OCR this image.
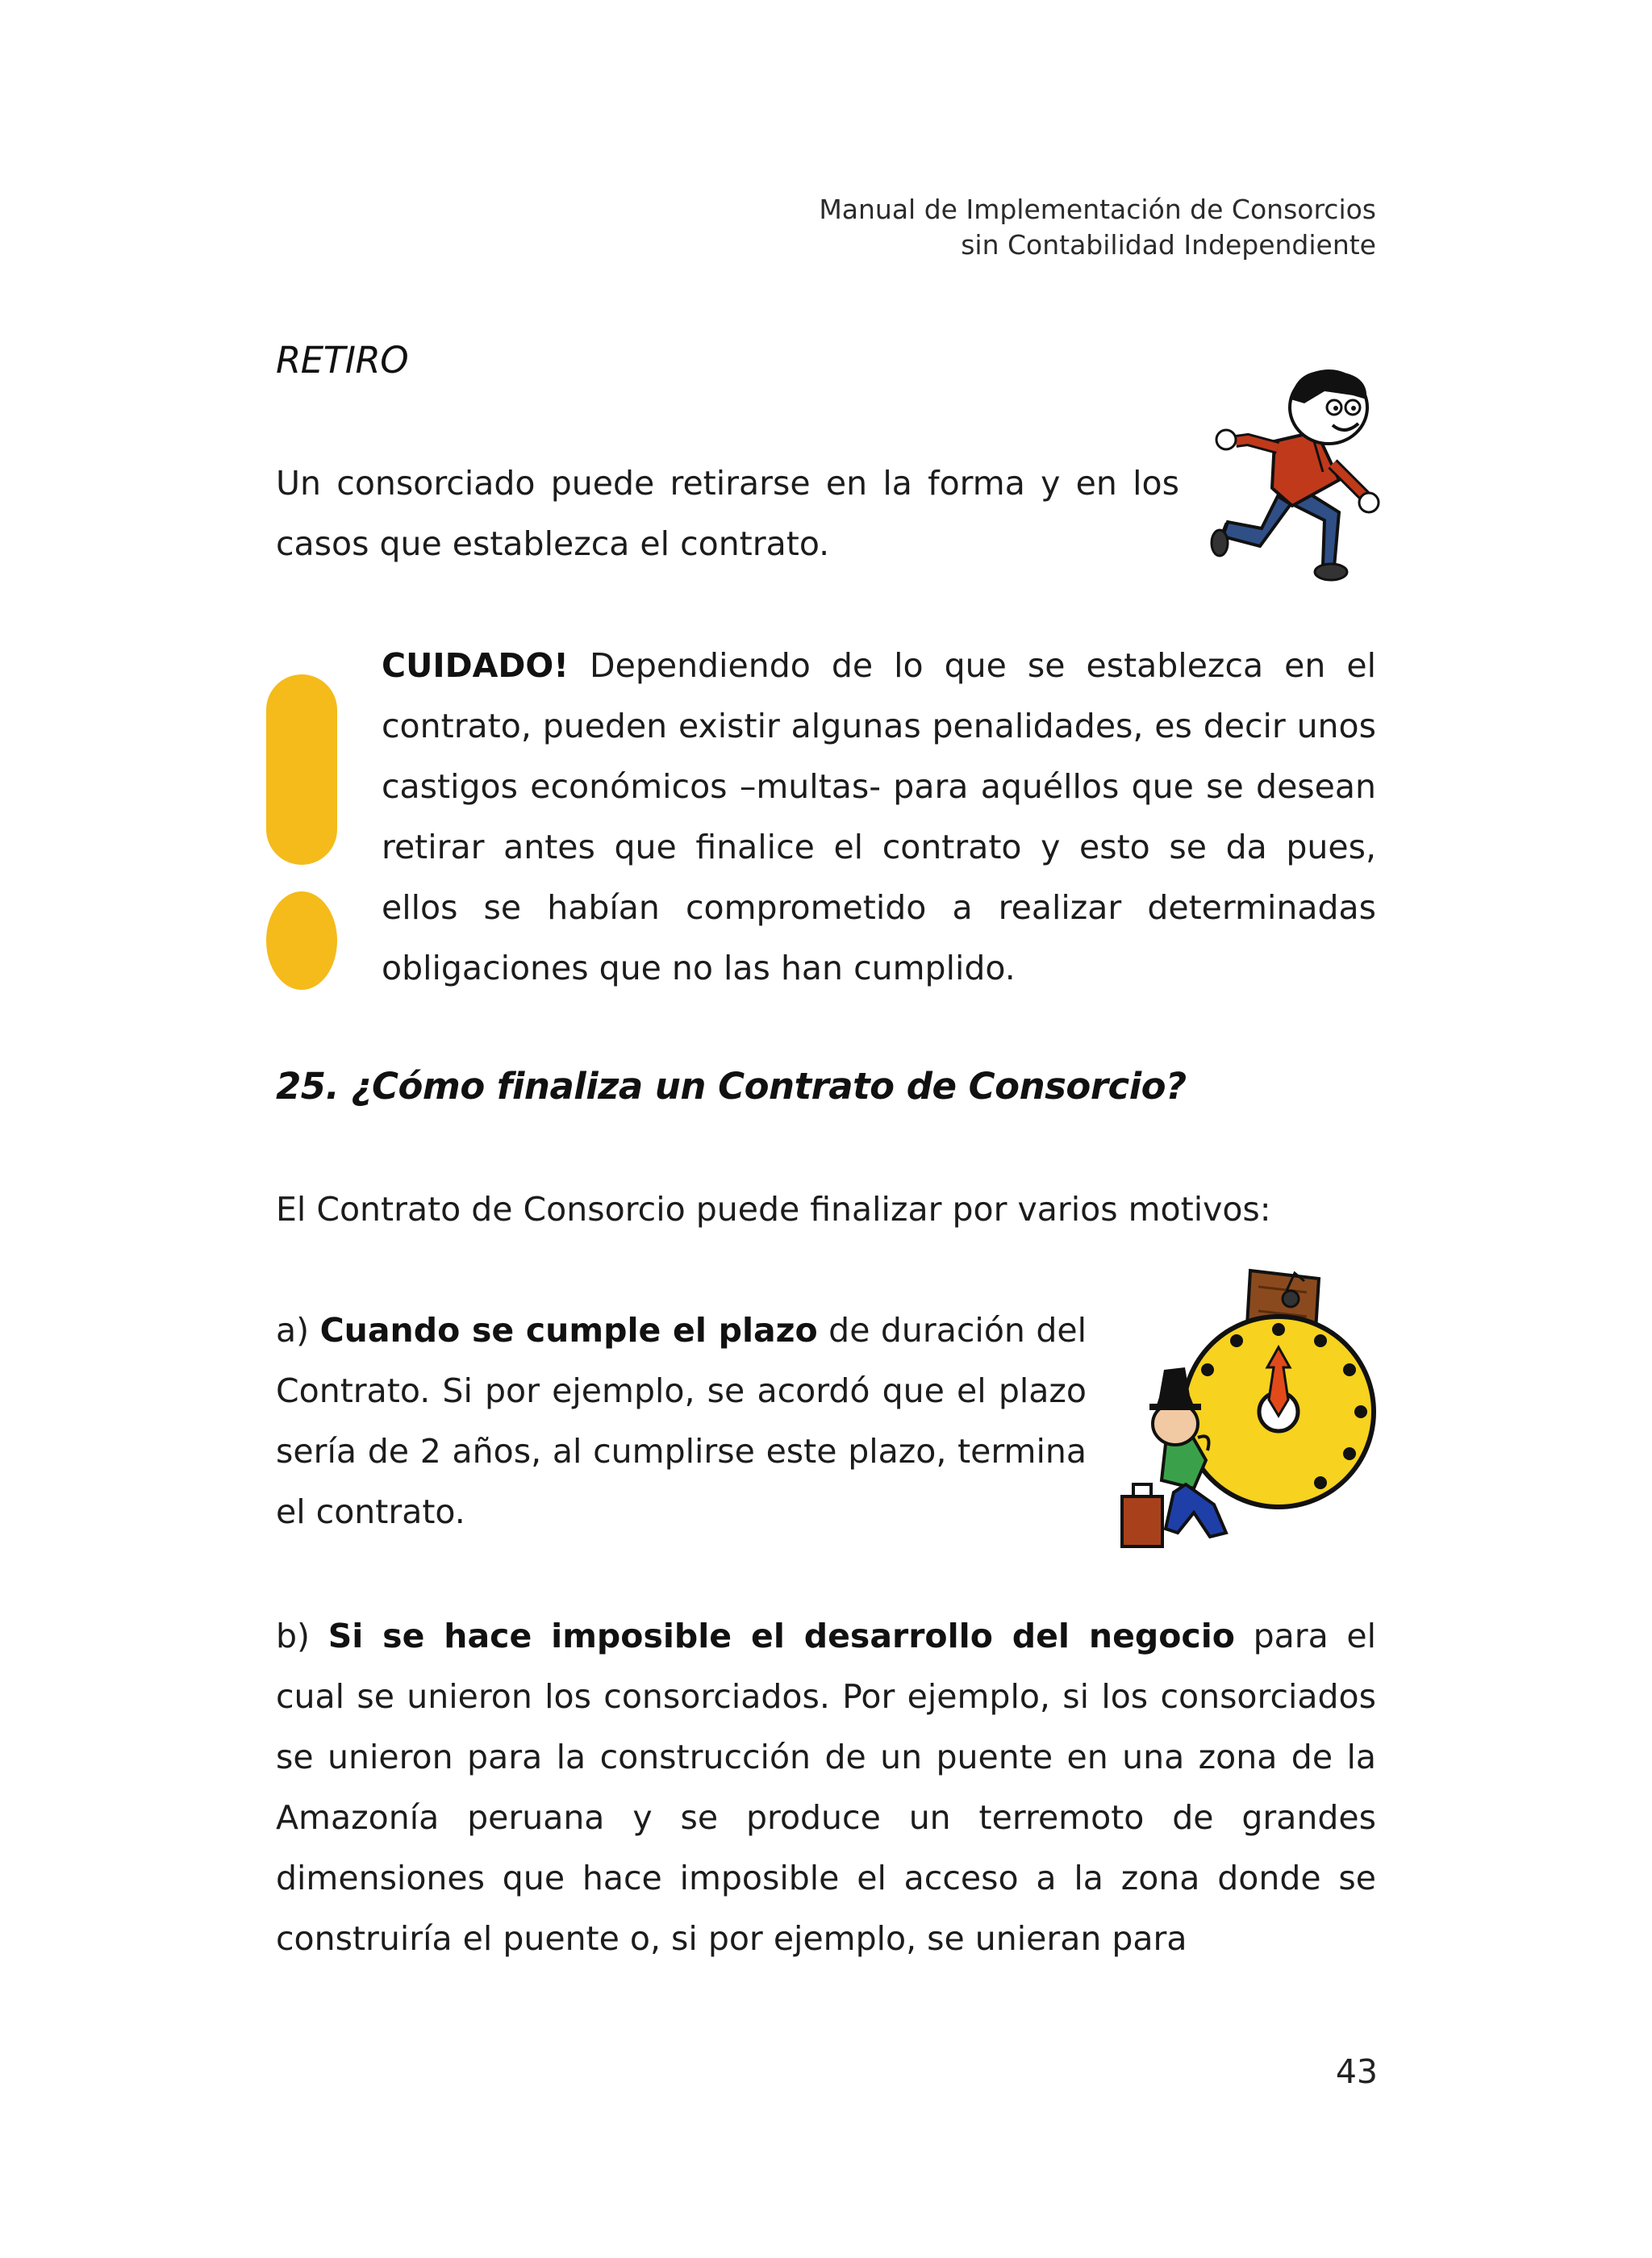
Manual de Implementación de Consorcios
sin Contabilidad Independiente
RETIRO
Un consorciado puede retirarse en la forma y en los casos que establezca el contrato.
CUIDADO! Dependiendo de lo que se establezca en el contrato, pueden existir algunas penalidades, es decir unos castigos económicos –multas- para aquéllos que se desean retirar antes que finalice el contrato y esto se da pues, ellos se habían comprometido a realizar determinadas obligaciones que no las han cumplido.
25. ¿Cómo finaliza un Contrato de Consorcio?
El Contrato de Consorcio puede finalizar por varios motivos:
a) Cuando se cumple el plazo de duración del Contrato. Si por ejemplo, se acordó que el plazo sería de 2 años, al cumplirse este plazo, termina el contrato.
b) Si se hace imposible el desarrollo del negocio para el cual se unieron los consorciados. Por ejemplo, si los consorciados se unieron para la construcción de un puente en una zona de la Amazonía peruana y se produce un terremoto de grandes dimensiones que hace imposible el acceso a la zona donde se construiría el puente o, si por ejemplo, se unieran para
43
